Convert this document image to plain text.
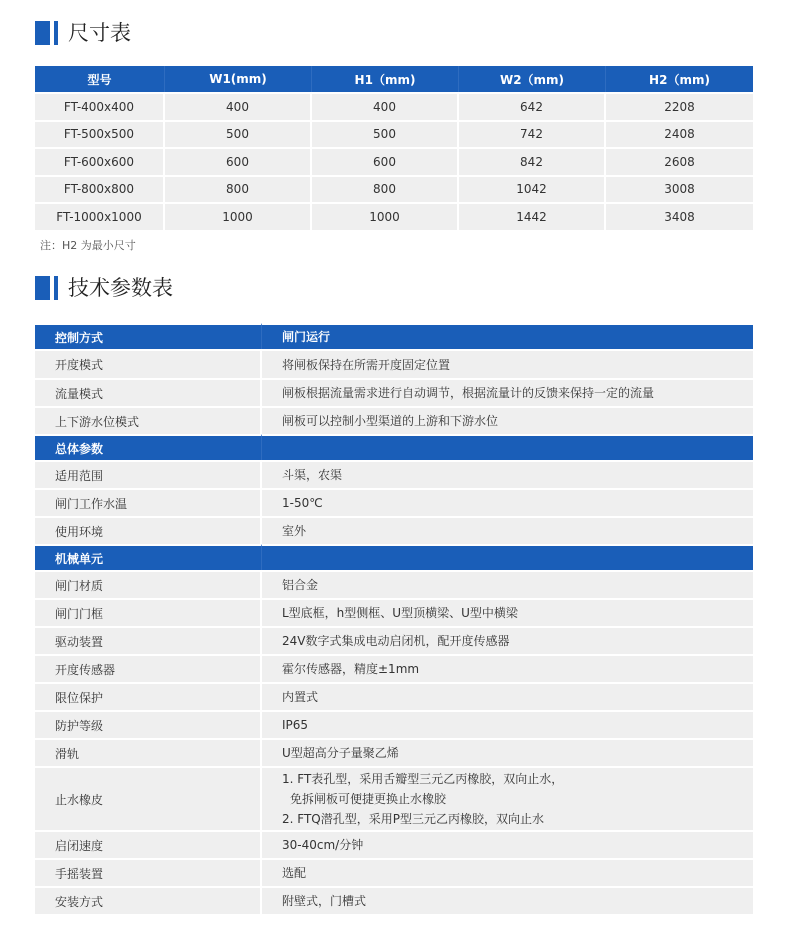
尺寸表
型号	W1(mm)	H1（mm)	W2（mm)	H2（mm)
FT-400x400	400	400	642	2208
FT-500x500	500	500	742	2408
FT-600x600	600	600	842	2608
FT-800x800	800	800	1042	3008
FT-1000x1000	1000	1000	1442	3408
注：H2 为最小尺寸
技术参数表
控制方式	闸门运行

开度模式	将闸板保持在所需开度固定位置

流量模式	闸板根据流量需求进行自动调节，根据流量计的反馈来保持一定的流量

上下游水位模式	闸板可以控制小型渠道的上游和下游水位

总体参数	
适用范围	斗渠，农渠

闸门工作水温	1-50℃

使用环境	室外

机械单元	
闸门材质	铝合金

闸门门框	L型底框，h型侧框、U型顶横梁、U型中横梁

驱动装置	24V数字式集成电动启闭机，配开度传感器

开度传感器	霍尔传感器，精度±1mm

限位保护	内置式

防护等级	IP65

滑轨	U型超高分子量聚乙烯

止水橡皮	1. FT表孔型，采用舌瓣型三元乙丙橡胶，双向止水，
免拆闸板可便捷更换止水橡胶
2. FTQ潜孔型，采用P型三元乙丙橡胶，双向止水

启闭速度	30-40cm/分钟

手摇装置	选配

安装方式	附壁式，门槽式
